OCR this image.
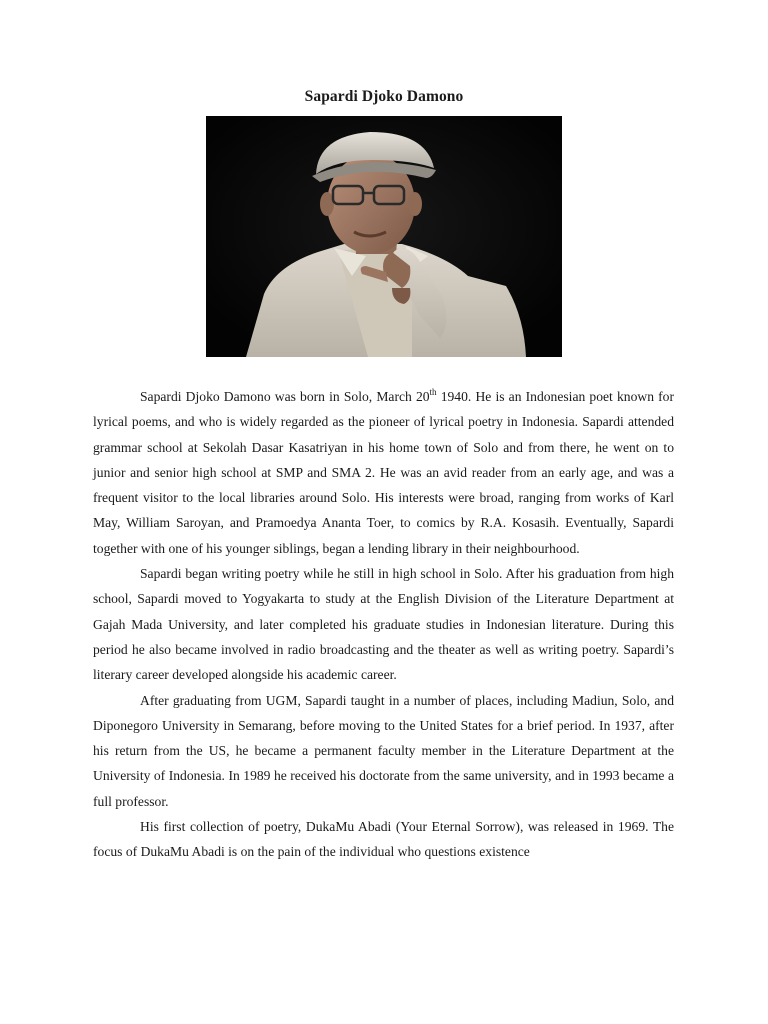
Sapardi Djoko Damono

Sapardi Djoko Damono was born in Solo, March 20th 1940. He is an Indonesian poet known for lyrical poems, and who is widely regarded as the pioneer of lyrical poetry in Indonesia. Sapardi attended grammar school at Sekolah Dasar Kasatriyan in his home town of Solo and from there, he went on to junior and senior high school at SMP and SMA 2. He was an avid reader from an early age, and was a frequent visitor to the local libraries around Solo. His interests were broad, ranging from works of Karl May, William Saroyan, and Pramoedya Ananta Toer, to comics by R.A. Kosasih. Eventually, Sapardi together with one of his younger siblings, began a lending library in their neighbourhood.

Sapardi began writing poetry while he still in high school in Solo. After his graduation from high school, Sapardi moved to Yogyakarta to study at the English Division of the Literature Department at Gajah Mada University, and later completed his graduate studies in Indonesian literature. During this period he also became involved in radio broadcasting and the theater as well as writing poetry. Sapardi’s literary career developed alongside his academic career.

After graduating from UGM, Sapardi taught in a number of places, including Madiun, Solo, and Diponegoro University in Semarang, before moving to the United States for a brief period. In 1937, after his return from the US, he became a permanent faculty member in the Literature Department at the University of Indonesia. In 1989 he received his doctorate from the same university, and in 1993 became a full professor.

His first collection of poetry, DukaMu Abadi (Your Eternal Sorrow), was released in 1969. The focus of DukaMu Abadi is on the pain of the individual who questions existence
